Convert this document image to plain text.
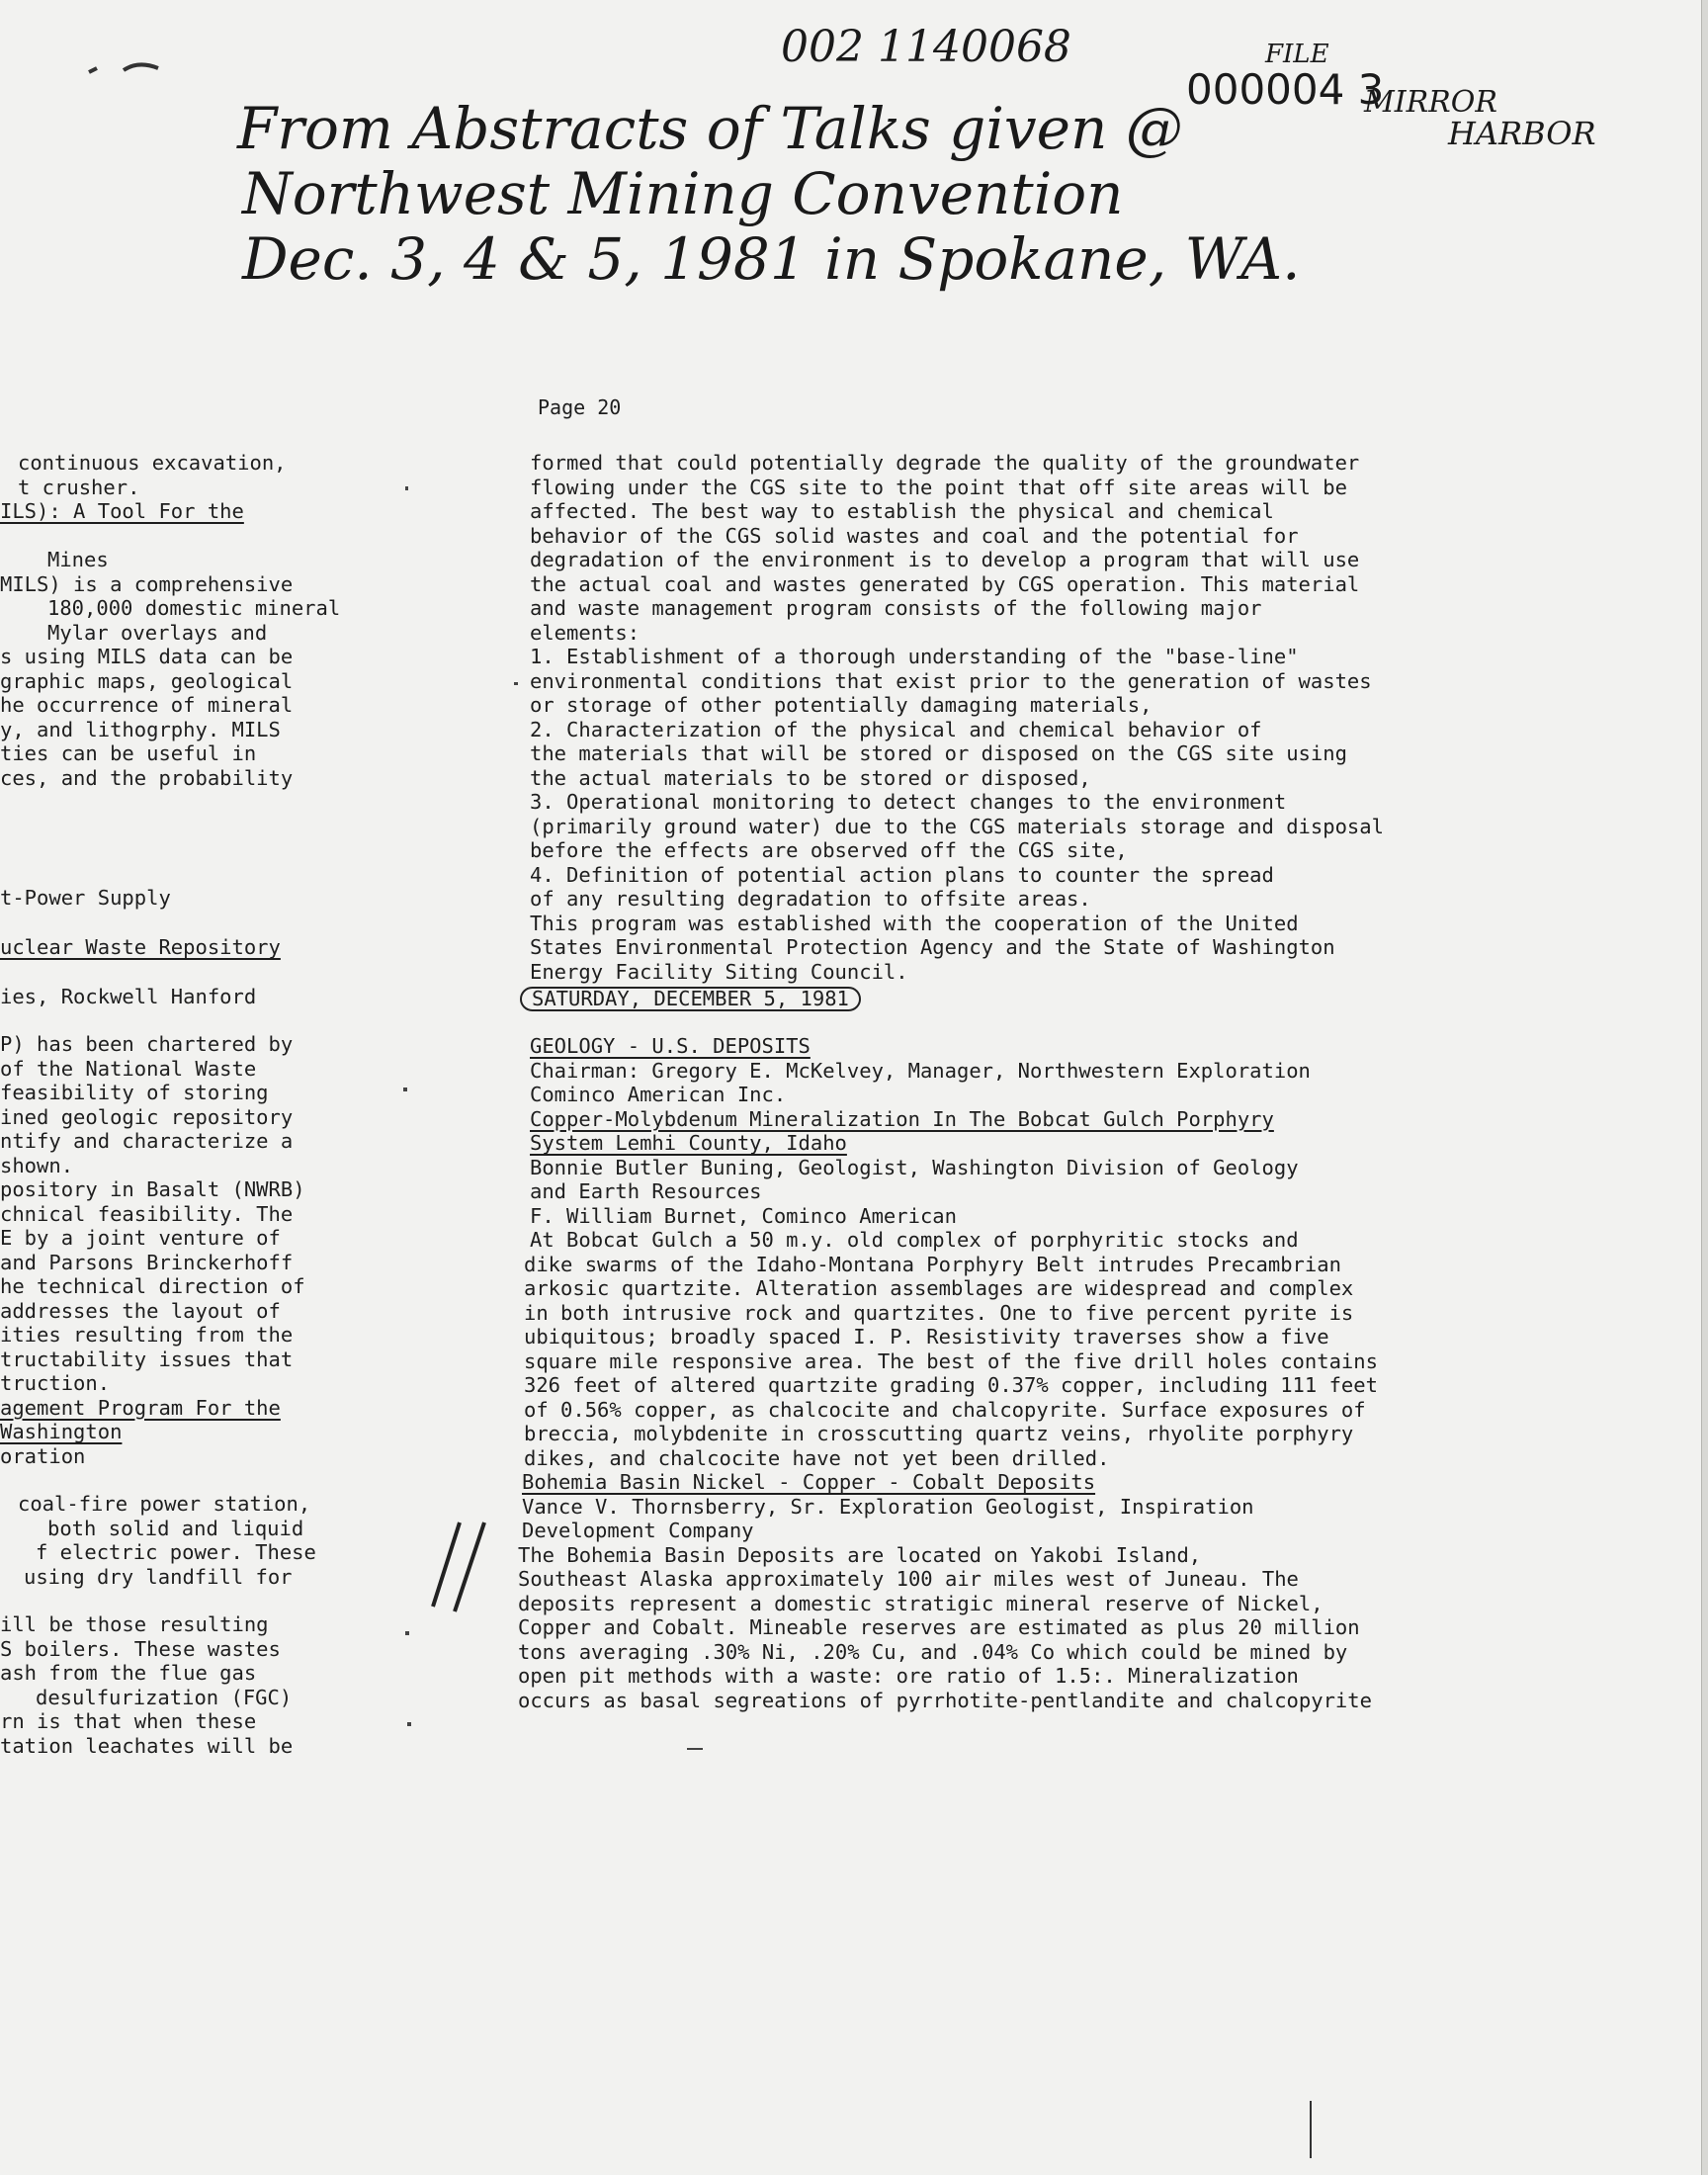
002 1140068
000004 3
FILE
MIRROR
HARBOR
From Abstracts of Talks given @
Northwest Mining Convention
Dec. 3, 4 & 5, 1981 in Spokane, WA.
Page 20
continuous excavation,
t crusher.
ILS): A Tool For the
Mines
MILS) is a comprehensive
180,000 domestic mineral
Mylar overlays and
s using MILS data can be
graphic maps, geological
he occurrence of mineral
y, and lithogrphy. MILS
ties can be useful in
ces, and the probability
t-Power Supply
uclear Waste Repository
ies, Rockwell Hanford
P) has been chartered by
of the National Waste
feasibility of storing
ined geologic repository
ntify and characterize a
shown.
pository in Basalt (NWRB)
chnical feasibility. The
E by a joint venture of
and Parsons Brinckerhoff
he technical direction of
addresses the layout of
ities resulting from the
tructability issues that
truction.
agement Program For the
Washington
oration
coal-fire power station,
both solid and liquid
f electric power. These
using dry landfill for
ill be those resulting
S boilers. These wastes
ash from the flue gas
desulfurization (FGC)
rn is that when these
tation leachates will be
formed that could potentially degrade the quality of the groundwater
flowing under the CGS site to the point that off site areas will be
affected. The best way to establish the physical and chemical
behavior of the CGS solid wastes and coal and the potential for
degradation of the environment is to develop a program that will use
the actual coal and wastes generated by CGS operation. This material
and waste management program consists of the following major
elements:
1. Establishment of a thorough understanding of the "base-line"
environmental conditions that exist prior to the generation of wastes
or storage of other potentially damaging materials,
2. Characterization of the physical and chemical behavior of
the materials that will be stored or disposed on the CGS site using
the actual materials to be stored or disposed,
3. Operational monitoring to detect changes to the environment
(primarily ground water) due to the CGS materials storage and disposal
before the effects are observed off the CGS site,
4. Definition of potential action plans to counter the spread
of any resulting degradation to offsite areas.
This program was established with the cooperation of the United
States Environmental Protection Agency and the State of Washington
Energy Facility Siting Council.
SATURDAY, DECEMBER 5, 1981
GEOLOGY - U.S. DEPOSITS
Chairman: Gregory E. McKelvey, Manager, Northwestern Exploration
Cominco American Inc.
Copper-Molybdenum Mineralization In The Bobcat Gulch Porphyry
System Lemhi County, Idaho
Bonnie Butler Buning, Geologist, Washington Division of Geology
and Earth Resources
F. William Burnet, Cominco American
At Bobcat Gulch a 50 m.y. old complex of porphyritic stocks and
dike swarms of the Idaho-Montana Porphyry Belt intrudes Precambrian
arkosic quartzite. Alteration assemblages are widespread and complex
in both intrusive rock and quartzites. One to five percent pyrite is
ubiquitous; broadly spaced I. P. Resistivity traverses show a five
square mile responsive area. The best of the five drill holes contains
326 feet of altered quartzite grading 0.37% copper, including 111 feet
of 0.56% copper, as chalcocite and chalcopyrite. Surface exposures of
breccia, molybdenite in crosscutting quartz veins, rhyolite porphyry
dikes, and chalcocite have not yet been drilled.
Bohemia Basin Nickel - Copper - Cobalt Deposits
Vance V. Thornsberry, Sr. Exploration Geologist, Inspiration
Development Company
The Bohemia Basin Deposits are located on Yakobi Island,
Southeast Alaska approximately 100 air miles west of Juneau. The
deposits represent a domestic stratigic mineral reserve of Nickel,
Copper and Cobalt. Mineable reserves are estimated as plus 20 million
tons averaging .30% Ni, .20% Cu, and .04% Co which could be mined by
open pit methods with a waste: ore ratio of 1.5:. Mineralization
occurs as basal segreations of pyrrhotite-pentlandite and chalcopyrite
